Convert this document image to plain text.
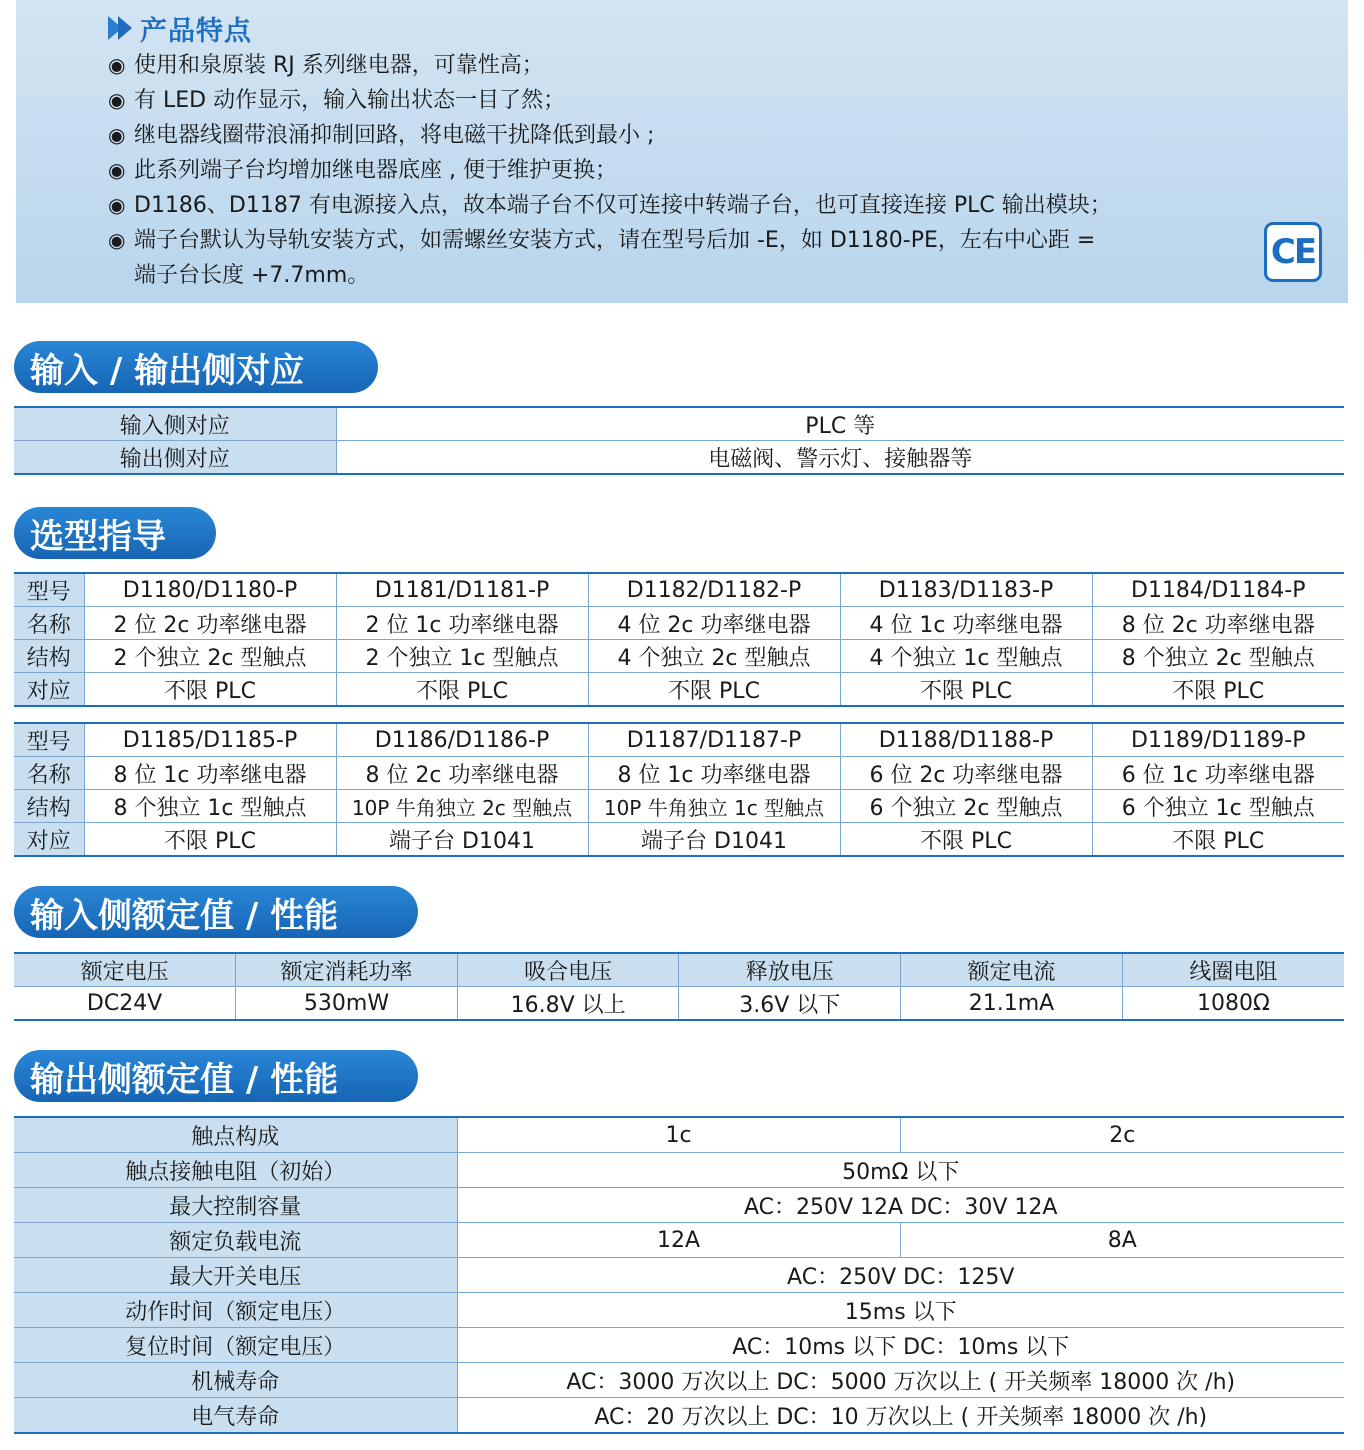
产品特点
◉ 使用和泉原装 RJ 系列继电器，可靠性高；
◉ 有 LED 动作显示，输入输出状态一目了然；
◉ 继电器线圈带浪涌抑制回路，将电磁干扰降低到最小 ;
◉ 此系列端子台均增加继电器底座 , 便于维护更换；
◉ D1186、D1187 有电源接入点，故本端子台不仅可连接中转端子台，也可直接连接 PLC 输出模块；
◉ 端子台默认为导轨安装方式，如需螺丝安装方式，请在型号后加 -E，如 D1180-PE，左右中心距 =
端子台长度 +7.7mm。
CE
输入 / 输出侧对应
输入侧对应	PLC 等
输出侧对应	电磁阀、警示灯、接触器等
选型指导
型号	D1180/D1180-P	D1181/D1181-P	D1182/D1182-P	D1183/D1183-P	D1184/D1184-P
名称	2 位 2c 功率继电器	2 位 1c 功率继电器	4 位 2c 功率继电器	4 位 1c 功率继电器	8 位 2c 功率继电器
结构	2 个独立 2c 型触点	2 个独立 1c 型触点	4 个独立 2c 型触点	4 个独立 1c 型触点	8 个独立 2c 型触点
对应	不限 PLC	不限 PLC	不限 PLC	不限 PLC	不限 PLC
型号	D1185/D1185-P	D1186/D1186-P	D1187/D1187-P	D1188/D1188-P	D1189/D1189-P
名称	8 位 1c 功率继电器	8 位 2c 功率继电器	8 位 1c 功率继电器	6 位 2c 功率继电器	6 位 1c 功率继电器
结构	8 个独立 1c 型触点	10P 牛角独立 2c 型触点	10P 牛角独立 1c 型触点	6 个独立 2c 型触点	6 个独立 1c 型触点
对应	不限 PLC	端子台 D1041	端子台 D1041	不限 PLC	不限 PLC
输入侧额定值 / 性能
额定电压	额定消耗功率	吸合电压	释放电压	额定电流	线圈电阻
DC24V	530mW	16.8V 以上	3.6V 以下	21.1mA	1080Ω
输出侧额定值 / 性能
触点构成	1c	2c
触点接触电阻（初始）	50mΩ 以下	
最大控制容量	AC：250V 12A DC：30V 12A	
额定负载电流	12A	8A
最大开关电压	AC：250V DC：125V	
动作时间（额定电压）	15ms 以下	
复位时间（额定电压）	AC：10ms 以下 DC：10ms 以下	
机械寿命	AC：3000 万次以上 DC：5000 万次以上 ( 开关频率 18000 次 /h)	
电气寿命	AC：20 万次以上 DC：10 万次以上 ( 开关频率 18000 次 /h)	
